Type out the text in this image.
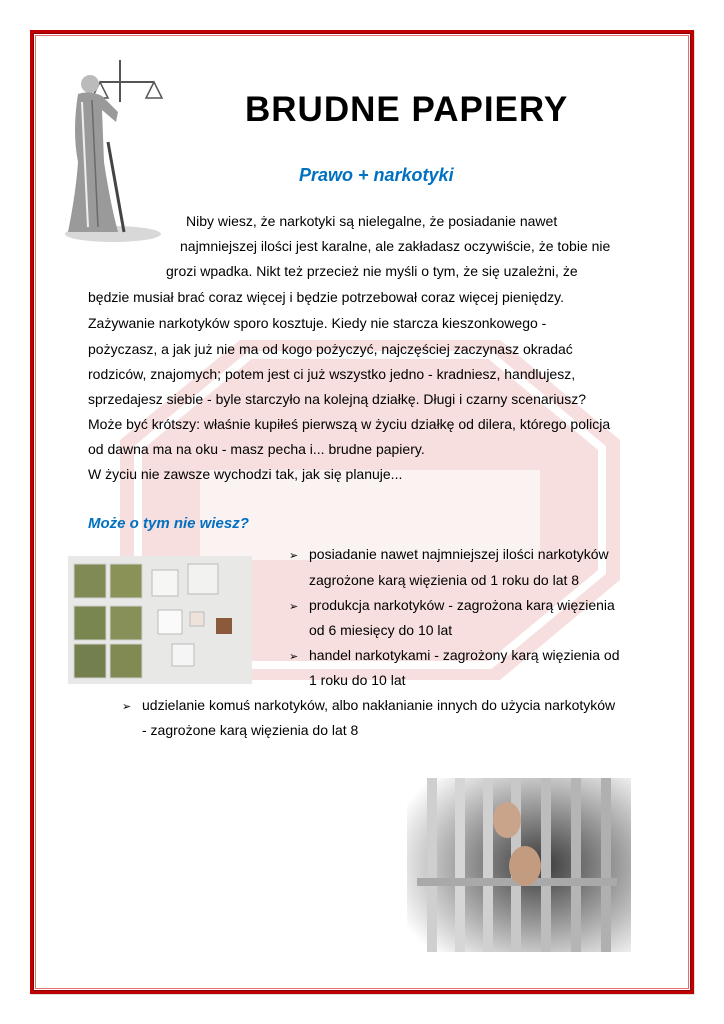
BRUDNE PAPIERY
Prawo + narkotyki
Niby wiesz, że narkotyki są nielegalne, że posiadanie nawet
najmniejszej ilości jest karalne, ale zakładasz oczywiście, że tobie nie
grozi wpadka. Nikt też przecież nie myśli o tym, że się uzależni, że
będzie musiał brać coraz więcej i będzie potrzebował coraz więcej pieniędzy.
Zażywanie narkotyków sporo kosztuje. Kiedy nie starcza kieszonkowego -
pożyczasz, a jak już nie ma od kogo pożyczyć, najczęściej zaczynasz okradać
rodziców, znajomych; potem jest ci już wszystko jedno - kradniesz, handlujesz,
sprzedajesz siebie - byle starczyło na kolejną działkę. Długi i czarny scenariusz?
Może być krótszy: właśnie kupiłeś pierwszą w życiu działkę od dilera, którego policja
od dawna ma na oku - masz pecha i... brudne papiery.
W życiu nie zawsze wychodzi tak, jak się planuje...
Może o tym nie wiesz?
➢ posiadanie nawet najmniejszej ilości narkotyków
zagrożone karą więzienia od 1 roku do lat 8
➢ produkcja narkotyków - zagrożona karą więzienia
od 6 miesięcy do 10 lat
➢ handel narkotykami - zagrożony karą więzienia od
1 roku do 10 lat
➢ udzielanie komuś narkotyków, albo nakłanianie innych do użycia narkotyków
- zagrożone karą więzienia do lat 8
